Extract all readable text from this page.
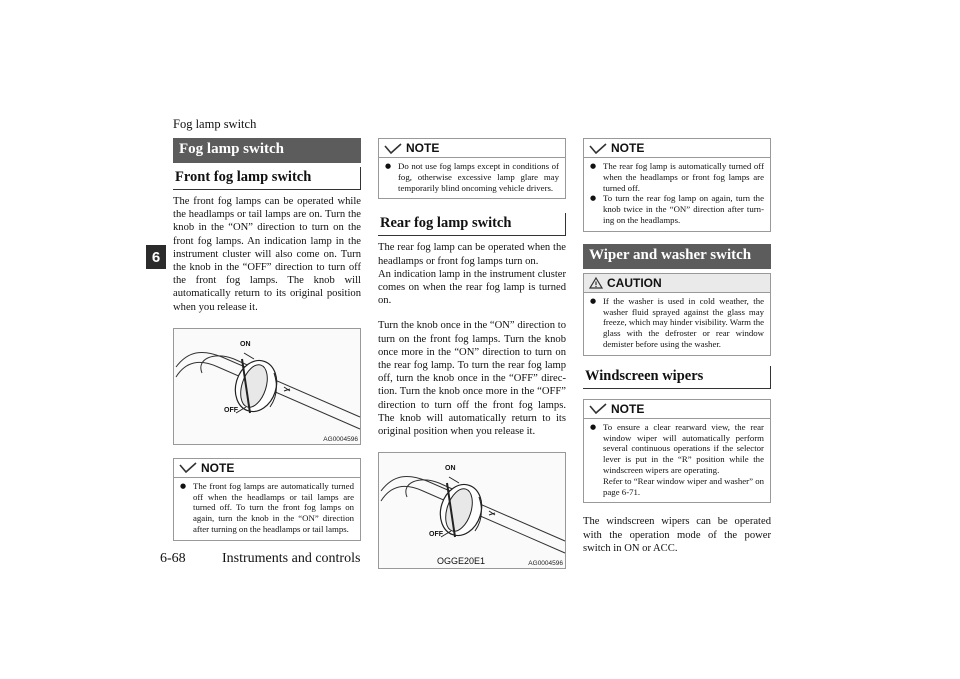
Fog lamp switch
6
Fog lamp switch
Front fog lamp switch
The front fog lamps can be operated while the headlamps or tail lamps are on. Turn the knob in the “ON” direction to turn on the front fog lamps. An indication lamp in the instrument cluster will also come on. Turn the knob in the “OFF” direction to turn off the front fog lamps. The knob will automatically return to its original position when you release it.
ON
OFF
AG0004596
NOTE
● The front fog lamps are automatically turned off when the headlamps or tail lamps are turned off. To turn the front fog lamps on again, turn the knob in the “ON” direction after turning on the headlamps or tail lamps.
NOTE
● Do not use fog lamps except in conditions of fog, otherwise excessive lamp glare may temporarily blind oncoming vehicle drivers.
Rear fog lamp switch
The rear fog lamp can be operated when the headlamps or front fog lamps turn on.
An indication lamp in the instrument cluster comes on when the rear fog lamp is turned on.
Turn the knob once in the “ON” direction to turn on the front fog lamps. Turn the knob once more in the “ON” direction to turn on the rear fog lamp. To turn the rear fog lamp off, turn the knob once in the “OFF” direction. Turn the knob once more in the “OFF” direction to turn off the front fog lamps. The knob will automatically return to its original position when you release it.
ON
OFF
AG0004596
NOTE
● The rear fog lamp is automatically turned off when the headlamps or front fog lamps are turned off.
● To turn the rear fog lamp on again, turn the knob twice in the “ON” direction after turning on the headlamps.
Wiper and washer switch
CAUTION
● If the washer is used in cold weather, the washer fluid sprayed against the glass may freeze, which may hinder visibility. Warm the glass with the defroster or rear window demister before using the washer.
Windscreen wipers
NOTE
● To ensure a clear rearward view, the rear window wiper will automatically perform several continuous operations if the selector lever is put in the “R” position while the windscreen wipers are operating.
Refer to “Rear window wiper and washer” on page 6-71.
The windscreen wipers can be operated with the operation mode of the power switch in ON or ACC.
6-68	Instruments and controls	OGGE20E1
